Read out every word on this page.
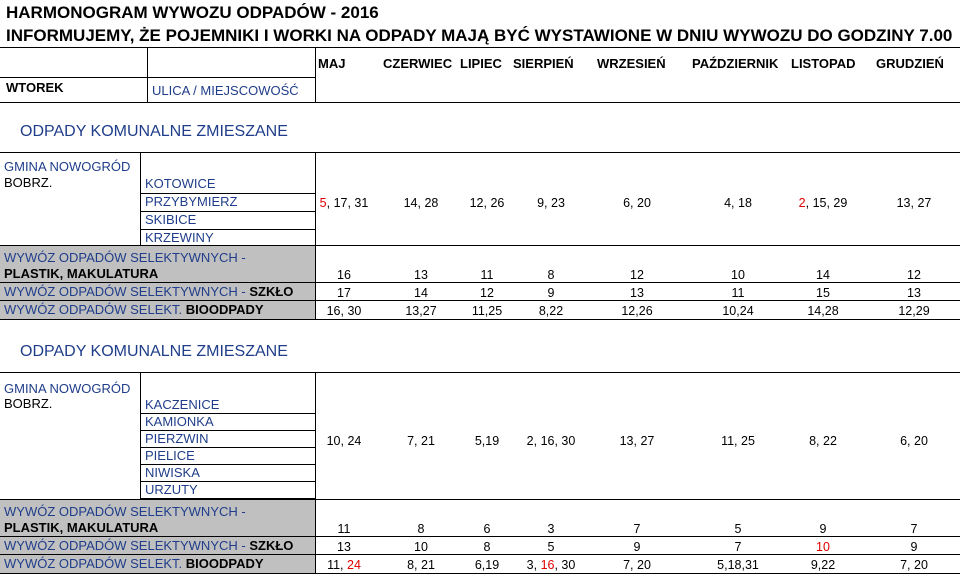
HARMONOGRAM WYWOZU ODPADÓW - 2016
INFORMUJEMY, ŻE POJEMNIKI I WORKI NA ODPADY MAJĄ BYĆ WYSTAWIONE W DNIU WYWOZU DO GODZINY 7.00
WTOREK	ULICA / MIEJSCOWOŚĆ
MAJ	CZERWIEC LIPIEC SIERPIEŃ WRZESIEŃ PAŹDZIERNIK LISTOPAD GRUDZIEŃ
ODPADY KOMUNALNE ZMIESZANE
GMINA NOWOGRÓD
BOBRZ.	KOTOWICE
PRZYBYMIERZ
SKIBICE
KRZEWINY
5, 17, 31	14, 28	12, 26	9, 23	6, 20	4, 18	2, 15, 29	13, 27
WYWÓZ ODPADÓW SELEKTYWNYCH -
PLASTIK, MAKULATURA	16	13	11	8	12	10	14	12
WYWÓZ ODPADÓW SELEKTYWNYCH - SZKŁO	17	14	12	9	13	11	15	13
WYWÓZ ODPADÓW SELEKT. BIOODPADY	16, 30	13,27	11,25	8,22	12,26	10,24	14,28	12,29
ODPADY KOMUNALNE ZMIESZANE
GMINA NOWOGRÓD
BOBRZ.	KACZENICE
KAMIONKA
PIERZWIN
PIELICE
NIWISKA
URZUTY
10, 24	7, 21	5,19	2, 16, 30	13, 27	11, 25	8, 22	6, 20
WYWÓZ ODPADÓW SELEKTYWNYCH -
PLASTIK, MAKULATURA	11	8	6	3	7	5	9	7
WYWÓZ ODPADÓW SELEKTYWNYCH - SZKŁO	13	10	8	5	9	7	10	9
WYWÓZ ODPADÓW SELEKT. BIOODPADY	11, 24	8, 21	6,19	3, 16, 30	7, 20	5,18,31	9,22	7, 20
